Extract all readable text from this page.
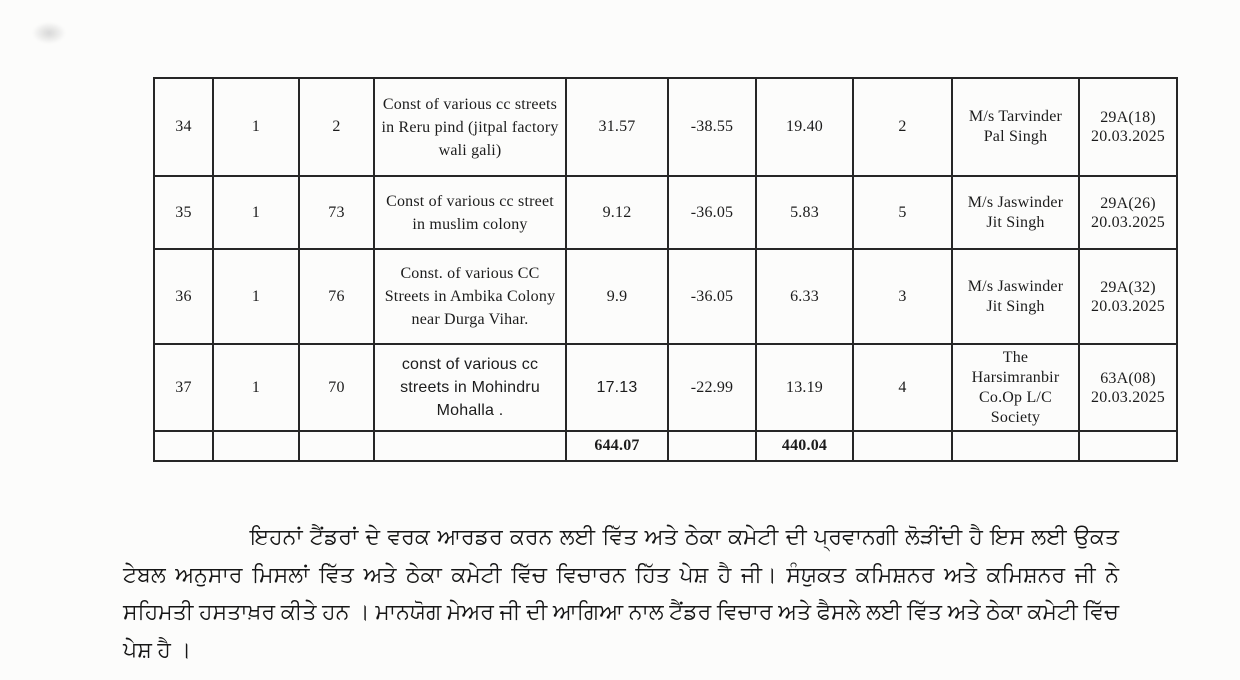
34	1	2	Const of various cc streets in Reru pind (jitpal factory wali gali)	31.57	-38.55	19.40	2	M/s Tarvinder Pal Singh	29A(18)
20.03.2025

35	1	73	Const of various cc street in muslim colony	9.12	-36.05	5.83	5	M/s Jaswinder Jit Singh	29A(26)
20.03.2025

36	1	76	Const. of various CC Streets in Ambika Colony near Durga Vihar.	9.9	-36.05	6.33	3	M/s Jaswinder Jit Singh	29A(32)
20.03.2025

37	1	70	const of various cc streets in Mohindru Mohalla .	17.13	-22.99	13.19	4	The Harsimranbir Co.Op L/C Society	63A(08)
20.03.2025

				644.07		440.04			

ਇਹਨਾਂ ਟੈਂਡਰਾਂ ਦੇ ਵਰਕ ਆਰਡਰ ਕਰਨ ਲਈ ਵਿੱਤ ਅਤੇ ਠੇਕਾ ਕਮੇਟੀ ਦੀ ਪ੍ਰਵਾਨਗੀ ਲੋੜੀਂਦੀ ਹੈ ਇਸ ਲਈ ਉਕਤ ਟੇਬਲ ਅਨੁਸਾਰ ਮਿਸਲਾਂ ਵਿੱਤ ਅਤੇ ਠੇਕਾ ਕਮੇਟੀ ਵਿੱਚ ਵਿਚਾਰਨ ਹਿੱਤ ਪੇਸ਼ ਹੈ ਜੀ। ਸੰਯੁਕਤ ਕਮਿਸ਼ਨਰ ਅਤੇ ਕਮਿਸ਼ਨਰ ਜੀ ਨੇ ਸਹਿਮਤੀ ਹਸਤਾਖ਼ਰ ਕੀਤੇ ਹਨ । ਮਾਨਯੋਗ ਮੇਅਰ ਜੀ ਦੀ ਆਗਿਆ ਨਾਲ ਟੈਂਡਰ ਵਿਚਾਰ ਅਤੇ ਫੈਸਲੇ ਲਈ ਵਿੱਤ ਅਤੇ ਠੇਕਾ ਕਮੇਟੀ ਵਿੱਚ ਪੇਸ਼ ਹੈ ।
